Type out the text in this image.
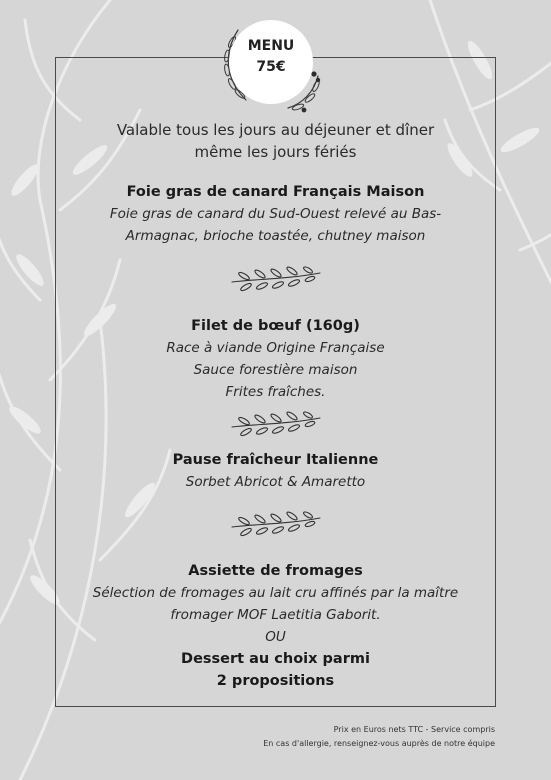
MENU
75€
Valable tous les jours au déjeuner et dîner
même les jours fériés
Foie gras de canard Français Maison
Foie gras de canard du Sud-Ouest relevé au Bas-
Armagnac, brioche toastée, chutney maison
Filet de bœuf (160g)
Race à viande Origine Française
Sauce forestière maison
Frites fraîches.
Pause fraîcheur Italienne
Sorbet Abricot & Amaretto
Assiette de fromages
Sélection de fromages au lait cru affinés par la maître
fromager MOF Laetitia Gaborit.
OU
Dessert au choix parmi
2 propositions
Prix en Euros nets TTC - Service compris
En cas d'allergie, renseignez-vous auprès de notre équipe
